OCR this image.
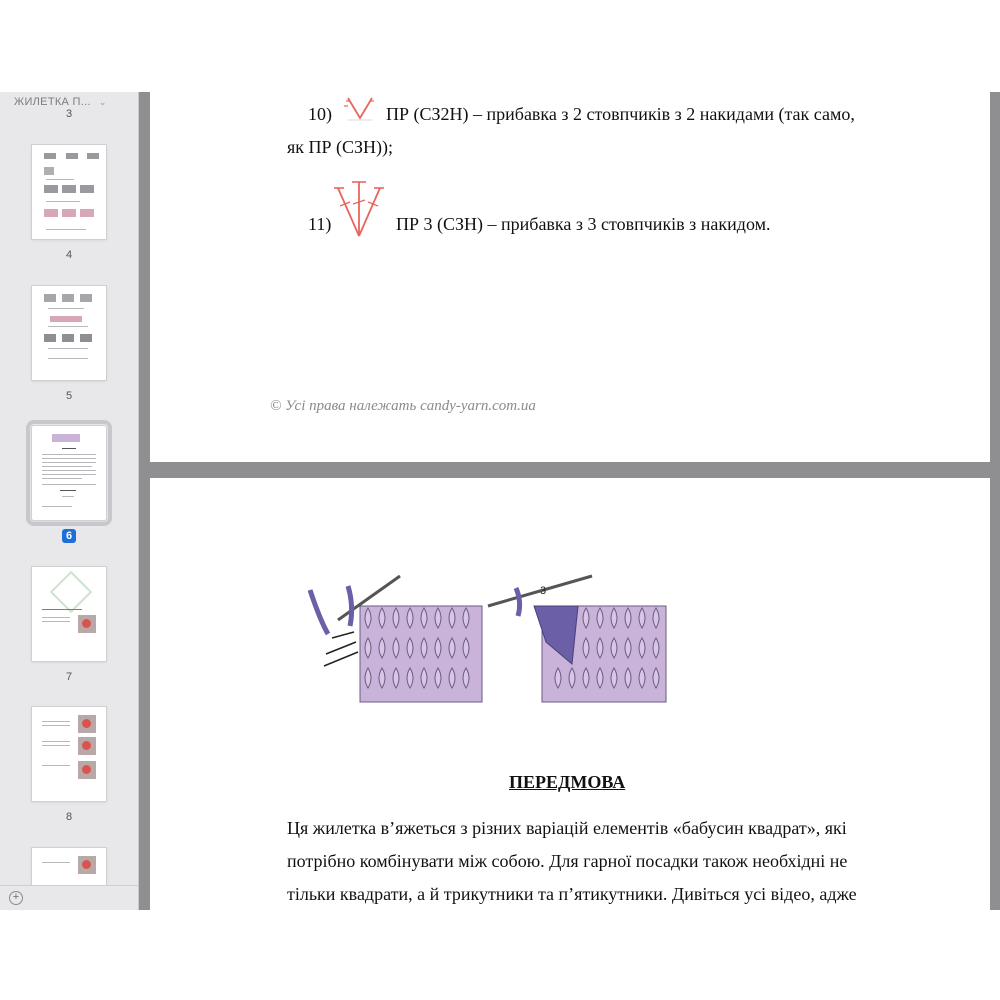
ЖИЛЕТКА П... ⌄
3
4
5
6
7
8
+
10)	ПР (СЗ2Н) – прибавка з 2 стовпчиків з 2 накидами (так само,
як ПР (СЗН));
11)	ПР 3 (СЗН) – прибавка з 3 стовпчиків з накидом.
© Усі права належать candy-yarn.com.ua
3
ПЕРЕДМОВА
Ця жилетка в’яжеться з різних варіацій елементів «бабусин квадрат», які
потрібно комбінувати між собою. Для гарної посадки також необхідні не
тільки квадрати, а й трикутники та п’ятикутники. Дивіться усі відео, адже
